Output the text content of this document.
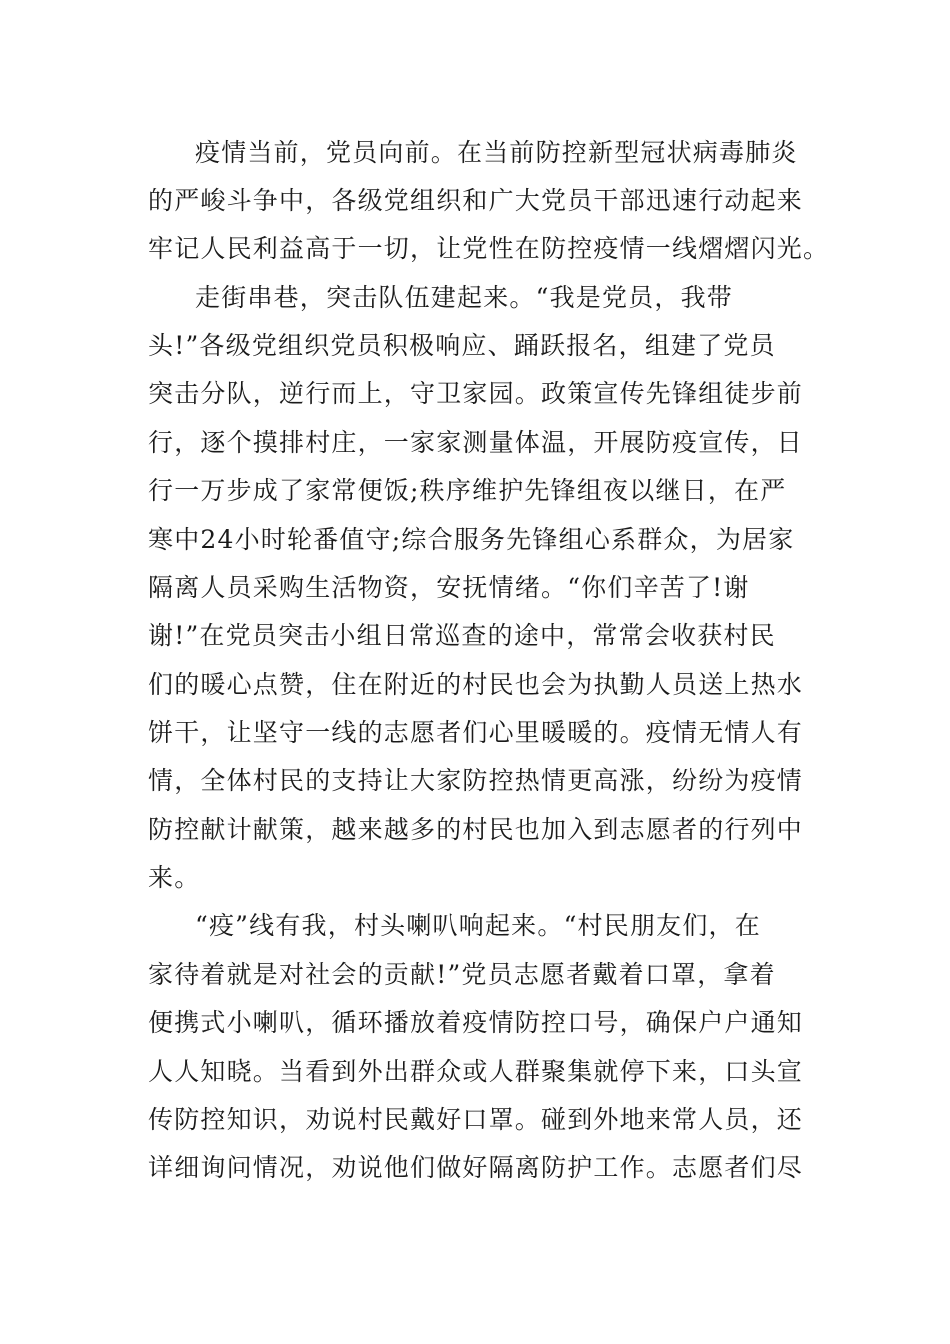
疫情当前，党员向前。在当前防控新型冠状病毒肺炎
的严峻斗争中，各级党组织和广大党员干部迅速行动起来
牢记人民利益高于一切，让党性在防控疫情一线熠熠闪光。
走街串巷，突击队伍建起来。“我是党员，我带
头!”各级党组织党员积极响应、踊跃报名，组建了党员
突击分队，逆行而上，守卫家园。政策宣传先锋组徒步前
行，逐个摸排村庄，一家家测量体温，开展防疫宣传，日
行一万步成了家常便饭;秩序维护先锋组夜以继日，在严
寒中24小时轮番值守;综合服务先锋组心系群众，为居家
隔离人员采购生活物资，安抚情绪。“你们辛苦了!谢
谢!”在党员突击小组日常巡查的途中，常常会收获村民
们的暖心点赞，住在附近的村民也会为执勤人员送上热水
饼干，让坚守一线的志愿者们心里暖暖的。疫情无情人有
情，全体村民的支持让大家防控热情更高涨，纷纷为疫情
防控献计献策，越来越多的村民也加入到志愿者的行列中
来。
“疫”线有我，村头喇叭响起来。“村民朋友们，在
家待着就是对社会的贡献!”党员志愿者戴着口罩，拿着
便携式小喇叭，循环播放着疫情防控口号，确保户户通知
人人知晓。当看到外出群众或人群聚集就停下来，口头宣
传防控知识，劝说村民戴好口罩。碰到外地来常人员，还
详细询问情况，劝说他们做好隔离防护工作。志愿者们尽
